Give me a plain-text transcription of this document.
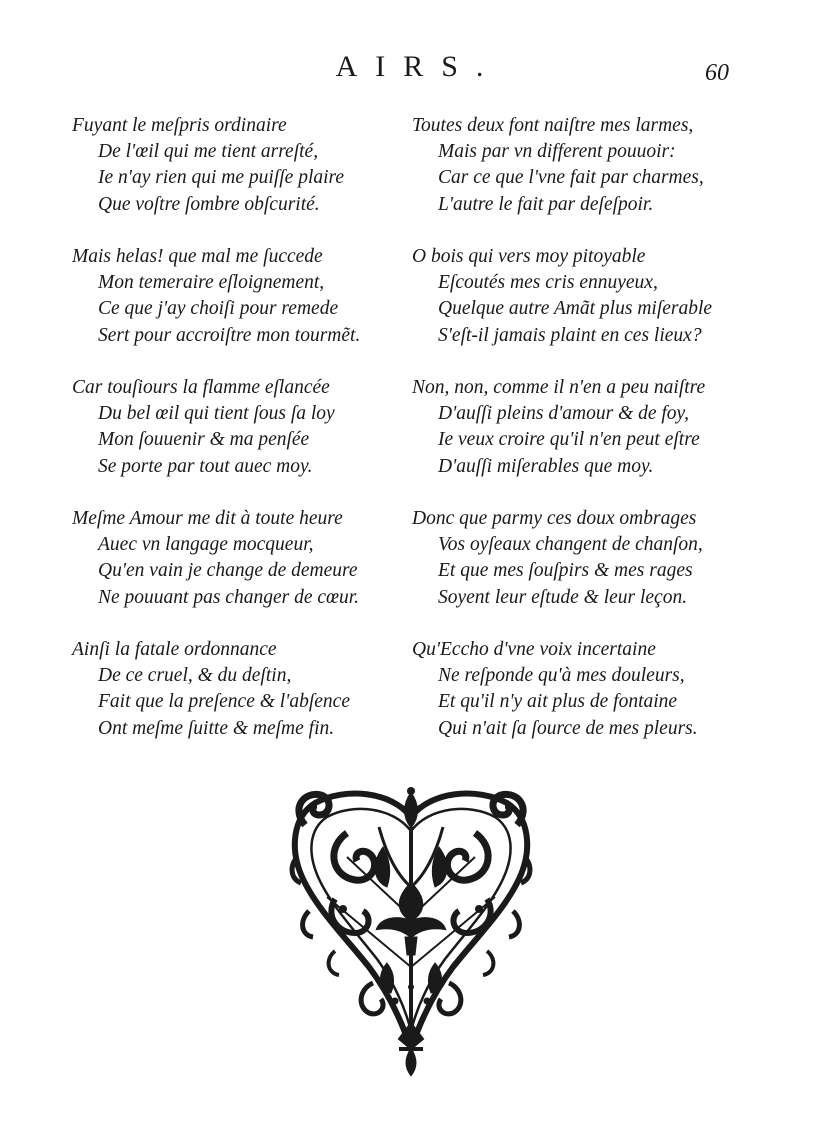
AIRS.	60

Fuyant le meſpris ordinaire

De l'œil qui me tient arreſté,

Ie n'ay rien qui me puiſſe plaire

Que voſtre ſombre obſcurité.

Mais helas! que mal me ſuccede

Mon temeraire eſloignement,

Ce que j'ay choiſi pour remede

Sert pour accroiſtre mon tourmẽt.

Car touſiours la flamme eſlancée

Du bel œil qui tient ſous ſa loy

Mon ſouuenir & ma penſée

Se porte par tout auec moy.

Meſme Amour me dit à toute heure

Auec vn langage mocqueur,

Qu'en vain je change de demeure

Ne pouuant pas changer de cœur.

Ainſi la fatale ordonnance

De ce cruel, & du deſtin,

Fait que la preſence & l'abſence

Ont meſme ſuitte & meſme fin.

Toutes deux font naiſtre mes larmes,

Mais par vn different pouuoir:

Car ce que l'vne fait par charmes,

L'autre le fait par deſeſpoir.

O bois qui vers moy pitoyable

Eſcoutés mes cris ennuyeux,

Quelque autre Amãt plus miſerable

S'eſt-il jamais plaint en ces lieux?

Non, non, comme il n'en a peu naiſtre

D'auſſi pleins d'amour & de foy,

Ie veux croire qu'il n'en peut eſtre

D'auſſi miſerables que moy.

Donc que parmy ces doux ombrages

Vos oyſeaux changent de chanſon,

Et que mes ſouſpirs & mes rages

Soyent leur eſtude & leur leçon.

Qu'Eccho d'vne voix incertaine

Ne reſponde qu'à mes douleurs,

Et qu'il n'y ait plus de fontaine

Qui n'ait ſa ſource de mes pleurs.
